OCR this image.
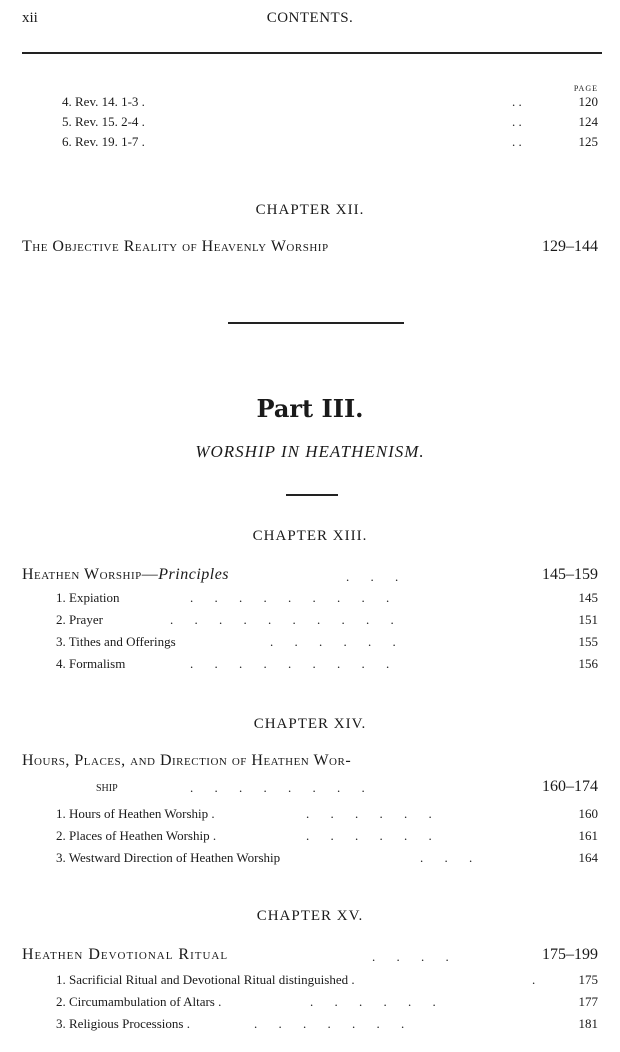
xii	CONTENTS.
PAGE
4. Rev. 14. 1-3 .	. .	120
5. Rev. 15. 2-4 .	. .	124
6. Rev. 19. 1-7 .	. .	125
CHAPTER XII.
The Objective Reality of Heavenly Worship	129–144
Part III.
WORSHIP IN HEATHENISM.
CHAPTER XIII.
Heathen Worship—Principles	. . .	145–159
1. Expiation	. . . . . . . . .	145
2. Prayer	. . . . . . . . . .	151
3. Tithes and Offerings	. . . . . .	155
4. Formalism	. . . . . . . . .	156
CHAPTER XIV.
Hours, Places, and Direction of Heathen Wor-
ship	. . . . . . . .	160–174
1. Hours of Heathen Worship .	. . . . . .	160
2. Places of Heathen Worship .	. . . . . .	161
3. Westward Direction of Heathen Worship	. . .	164
CHAPTER XV.
Heathen Devotional Ritual	. . . .	175–199
1. Sacrificial Ritual and Devotional Ritual distinguished .	.	175
2. Circumambulation of Altars .	. . . . . .	177
3. Religious Processions .	. . . . . . .	181
